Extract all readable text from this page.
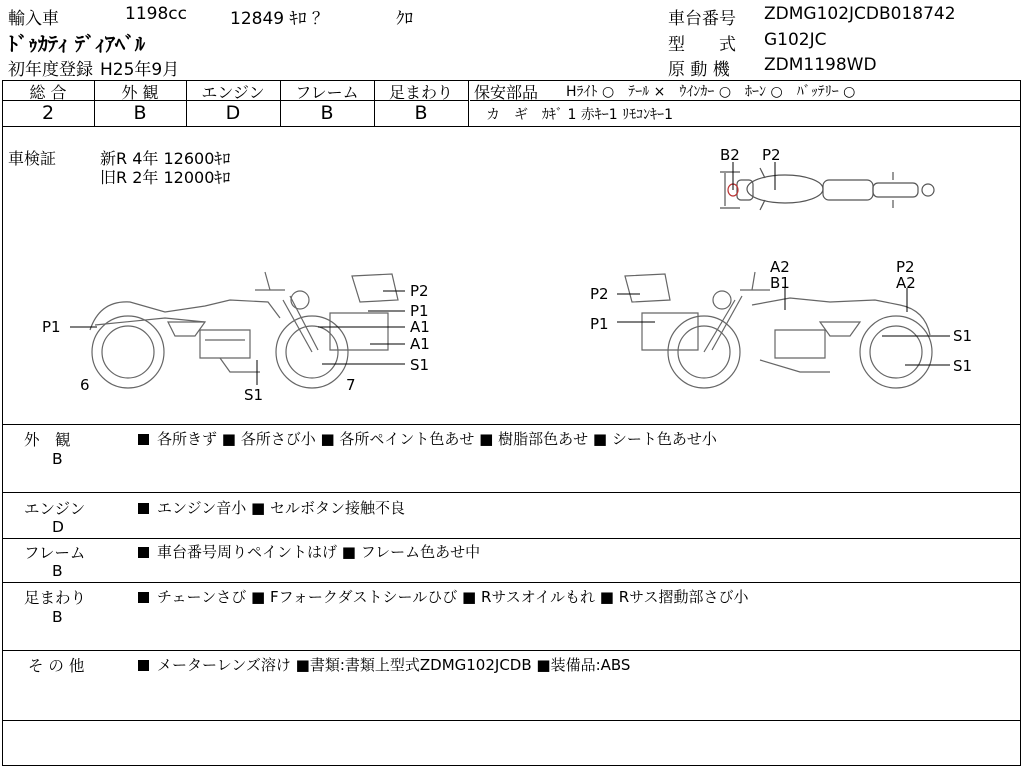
輸入車	1198cc	12849 ｷﾛ ？	ｸﾛ
ﾄﾞｩｶﾃｨ ﾃﾞｨｱﾍﾞﾙ
初年度登録 H25年9月
車台番号 ZDMG102JCDB018742
型　　式 G102JC
原 動 機 ZDM1198WD
総 合	外 観	エンジン	フレーム	足まわり
2	B	D	B	B
保安部品 Hﾗｲﾄ ○　ﾃｰﾙ ×　ｳｲﾝｶｰ ○　ﾎｰﾝ ○　ﾊﾞｯﾃﾘｰ ○
カ　ギ　ｶｷﾞ 1 赤ｷｰ1 ﾘﾓｺﾝｷｰ1
車検証	新R 4年 12600ｷﾛ
旧R 2年 12000ｷﾛ
B2 P2
P2
P1
A1
A1
S1
P1
6	7
S1
A2
B1
P2
A2
P2
P1
S1
S1
外　観
B
各所きず ■ 各所さび小 ■ 各所ペイント色あせ ■ 樹脂部色あせ ■ シート色あせ小
エンジン
D
エンジン音小 ■ セルボタン接触不良
フレーム
B
車台番号周りペイントはげ ■ フレーム色あせ中
足まわり
B
チェーンさび ■ Fフォークダストシールひび ■ Rサスオイルもれ ■ Rサス摺動部さび小
そ の 他	メーターレンズ溶け ■書類:書類上型式ZDMG102JCDB ■装備品:ABS
